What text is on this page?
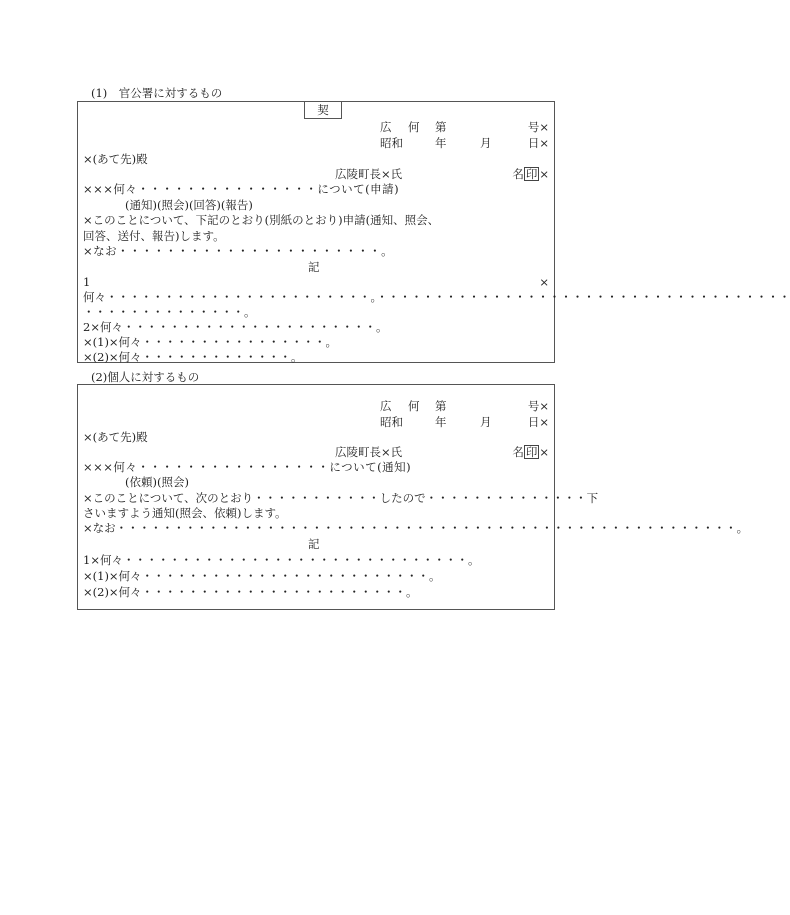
(1)　官公署に対するもの
契
広 何 第	号×
昭和	年	月	日×
×(あて先)殿
広陵町長×氏	名 印 ×
×××何々・・・・・・・・・・・・・・・について(申請)
(通知)(照会)(回答)(報告)
×このことについて、下記のとおり(別紙のとおり)申請(通知、照会、
回答、送付、報告)します。
×なお・・・・・・・・・・・・・・・・・・・・・・。
記
1	×
何々・・・・・・・・・・・・・・・・・・・・・・・。・・・・・・・・・・・・・・・・・・・・・・・・・・・・・・・・・・・・
・・・・・・・・・・・・・・。
2×何々・・・・・・・・・・・・・・・・・・・・・・。
×(1)×何々・・・・・・・・・・・・・・・・。
×(2)×何々・・・・・・・・・・・・・。
(2)個人に対するもの
広 何 第	号×
昭和	年	月	日×
×(あて先)殿
広陵町長×氏	名 印 ×
×××何々・・・・・・・・・・・・・・・・について(通知)
(依頼)(照会)
×このことについて、次のとおり・・・・・・・・・・・したので・・・・・・・・・・・・・・下
さいますよう通知(照会、依頼)します。
×なお・・・・・・・・・・・・・・・・・・・・・・・・・・・・・・・・・・・・・・・・・・・・・・・・・・・・・・。
記
1×何々・・・・・・・・・・・・・・・・・・・・・・・・・・・・・・。
×(1)×何々・・・・・・・・・・・・・・・・・・・・・・・・・。
×(2)×何々・・・・・・・・・・・・・・・・・・・・・・・。
